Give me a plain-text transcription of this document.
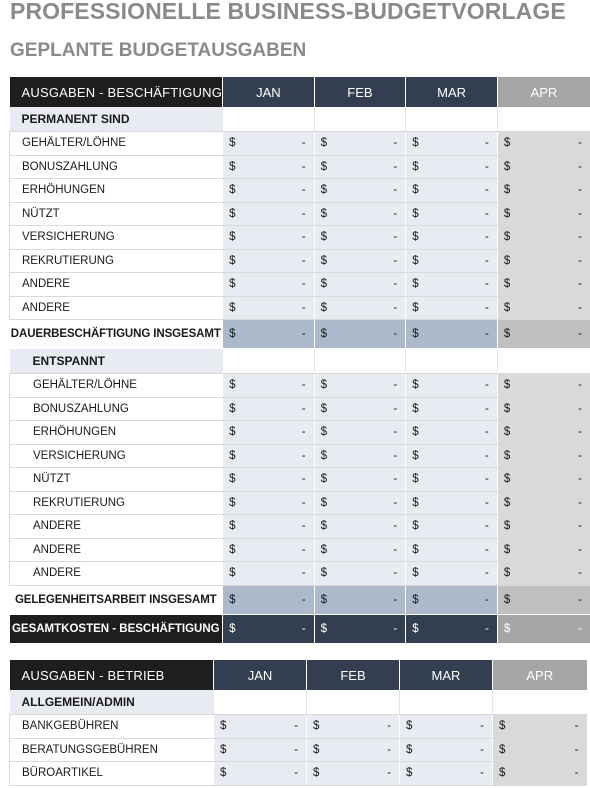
PROFESSIONELLE BUSINESS-BUDGETVORLAGE
GEPLANTE BUDGETAUSGABEN
AUSGABEN - BESCHÄFTIGUNG	JAN	FEB	MAR	APR
PERMANENT SIND				
GEHÄLTER/LÖHNE	$ -	$ -	$ -	$ -

BONUSZAHLUNG	$ -	$ -	$ -	$ -

ERHÖHUNGEN	$ -	$ -	$ -	$ -

NÜTZT	$ -	$ -	$ -	$ -

VERSICHERUNG	$ -	$ -	$ -	$ -

REKRUTIERUNG	$ -	$ -	$ -	$ -

ANDERE	$ -	$ -	$ -	$ -

ANDERE	$ -	$ -	$ -	$ -

DAUERBESCHÄFTIGUNG INSGESAMT	$ -	$ -	$ -	$ -

ENTSPANNT				
GEHÄLTER/LÖHNE	$ -	$ -	$ -	$ -

BONUSZAHLUNG	$ -	$ -	$ -	$ -

ERHÖHUNGEN	$ -	$ -	$ -	$ -

VERSICHERUNG	$ -	$ -	$ -	$ -

NÜTZT	$ -	$ -	$ -	$ -

REKRUTIERUNG	$ -	$ -	$ -	$ -

ANDERE	$ -	$ -	$ -	$ -

ANDERE	$ -	$ -	$ -	$ -

ANDERE	$ -	$ -	$ -	$ -

GELEGENHEITSARBEIT INSGESAMT	$ -	$ -	$ -	$ -

GESAMTKOSTEN - BESCHÄFTIGUNG	$ -	$ -	$ -	$ -
AUSGABEN - BETRIEB	JAN	FEB	MAR	APR
ALLGEMEIN/ADMIN				
BANKGEBÜHREN	$ -	$ -	$ -	$ -

BERATUNGSGEBÜHREN	$ -	$ -	$ -	$ -

BÜROARTIKEL	$ -	$ -	$ -	$ -
